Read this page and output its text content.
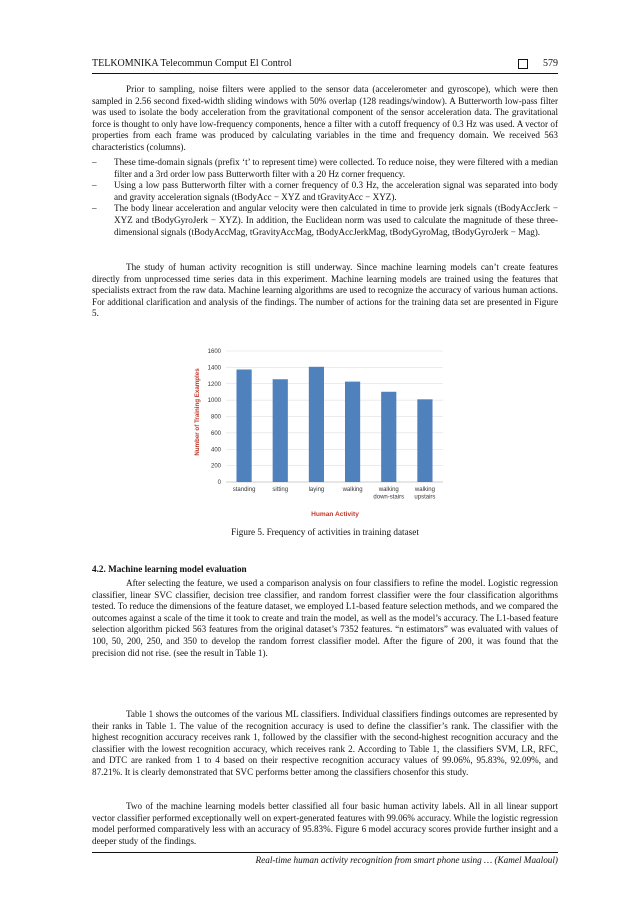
TELKOMNIKA Telecommun Comput El Control	579
Prior to sampling, noise filters were applied to the sensor data (accelerometer and gyroscope), which were then sampled in 2.56 second fixed-width sliding windows with 50% overlap (128 readings/window). A Butterworth low-pass filter was used to isolate the body acceleration from the gravitational component of the sensor acceleration data. The gravitational force is thought to only have low-frequency components, hence a filter with a cutoff frequency of 0.3 Hz was used. A vector of properties from each frame was produced by calculating variables in the time and frequency domain. We received 563 characteristics (columns).
– These time-domain signals (prefix ‘t’ to represent time) were collected. To reduce noise, they were filtered with a median filter and a 3rd order low pass Butterworth filter with a 20 Hz corner frequency.
– Using a low pass Butterworth filter with a corner frequency of 0.3 Hz, the acceleration signal was separated into body and gravity acceleration signals (tBodyAcc − XYZ and tGravityAcc − XYZ).
– The body linear acceleration and angular velocity were then calculated in time to provide jerk signals (tBodyAccJerk − XYZ and tBodyGyroJerk − XYZ). In addition, the Euclidean norm was used to calculate the magnitude of these three-dimensional signals (tBodyAccMag, tGravityAccMag, tBodyAccJerkMag, tBodyGyroMag, tBodyGyroJerk − Mag).
The study of human activity recognition is still underway. Since machine learning models can’t create features directly from unprocessed time series data in this experiment. Machine learning models are trained using the features that specialists extract from the raw data. Machine learning algorithms are used to recognize the accuracy of various human actions. For additional clarification and analysis of the findings. The number of actions for the training data set are presented in Figure 5.
0
200
400
600
800
1000
1200
1400
1600
standing	sitting	laying	walking	walking
down-stairs
walking
upstairs
Number of Training Examples
Human Activity
Figure 5. Frequency of activities in training dataset
4.2. Machine learning model evaluation
After selecting the feature, we used a comparison analysis on four classifiers to refine the model. Logistic regression classifier, linear SVC classifier, decision tree classifier, and random forrest classifier were the four classification algorithms tested. To reduce the dimensions of the feature dataset, we employed L1-based feature selection methods, and we compared the outcomes against a scale of the time it took to create and train the model, as well as the model’s accuracy. The L1-based feature selection algorithm picked 563 features from the original dataset’s 7352 features. “n estimators” was evaluated with values of 100, 50, 200, 250, and 350 to develop the random forrest classifier model. After the figure of 200, it was found that the precision did not rise. (see the result in Table 1).
Table 1 shows the outcomes of the various ML classifiers. Individual classifiers findings outcomes are represented by their ranks in Table 1. The value of the recognition accuracy is used to define the classifier’s rank. The classifier with the highest recognition accuracy receives rank 1, followed by the classifier with the second-highest recognition accuracy and the classifier with the lowest recognition accuracy, which receives rank 2. According to Table 1, the classifiers SVM, LR, RFC, and DTC are ranked from 1 to 4 based on their respective recognition accuracy values of 99.06%, 95.83%, 92.09%, and 87.21%. It is clearly demonstrated that SVC performs better among the classifiers chosenfor this study.
Two of the machine learning models better classified all four basic human activity labels. All in all linear support vector classifier performed exceptionally well on expert-generated features with 99.06% accuracy. While the logistic regression model performed comparatively less with an accuracy of 95.83%. Figure 6 model accuracy scores provide further insight and a deeper study of the findings.
Real-time human activity recognition from smart phone using … (Kamel Maaloul)
